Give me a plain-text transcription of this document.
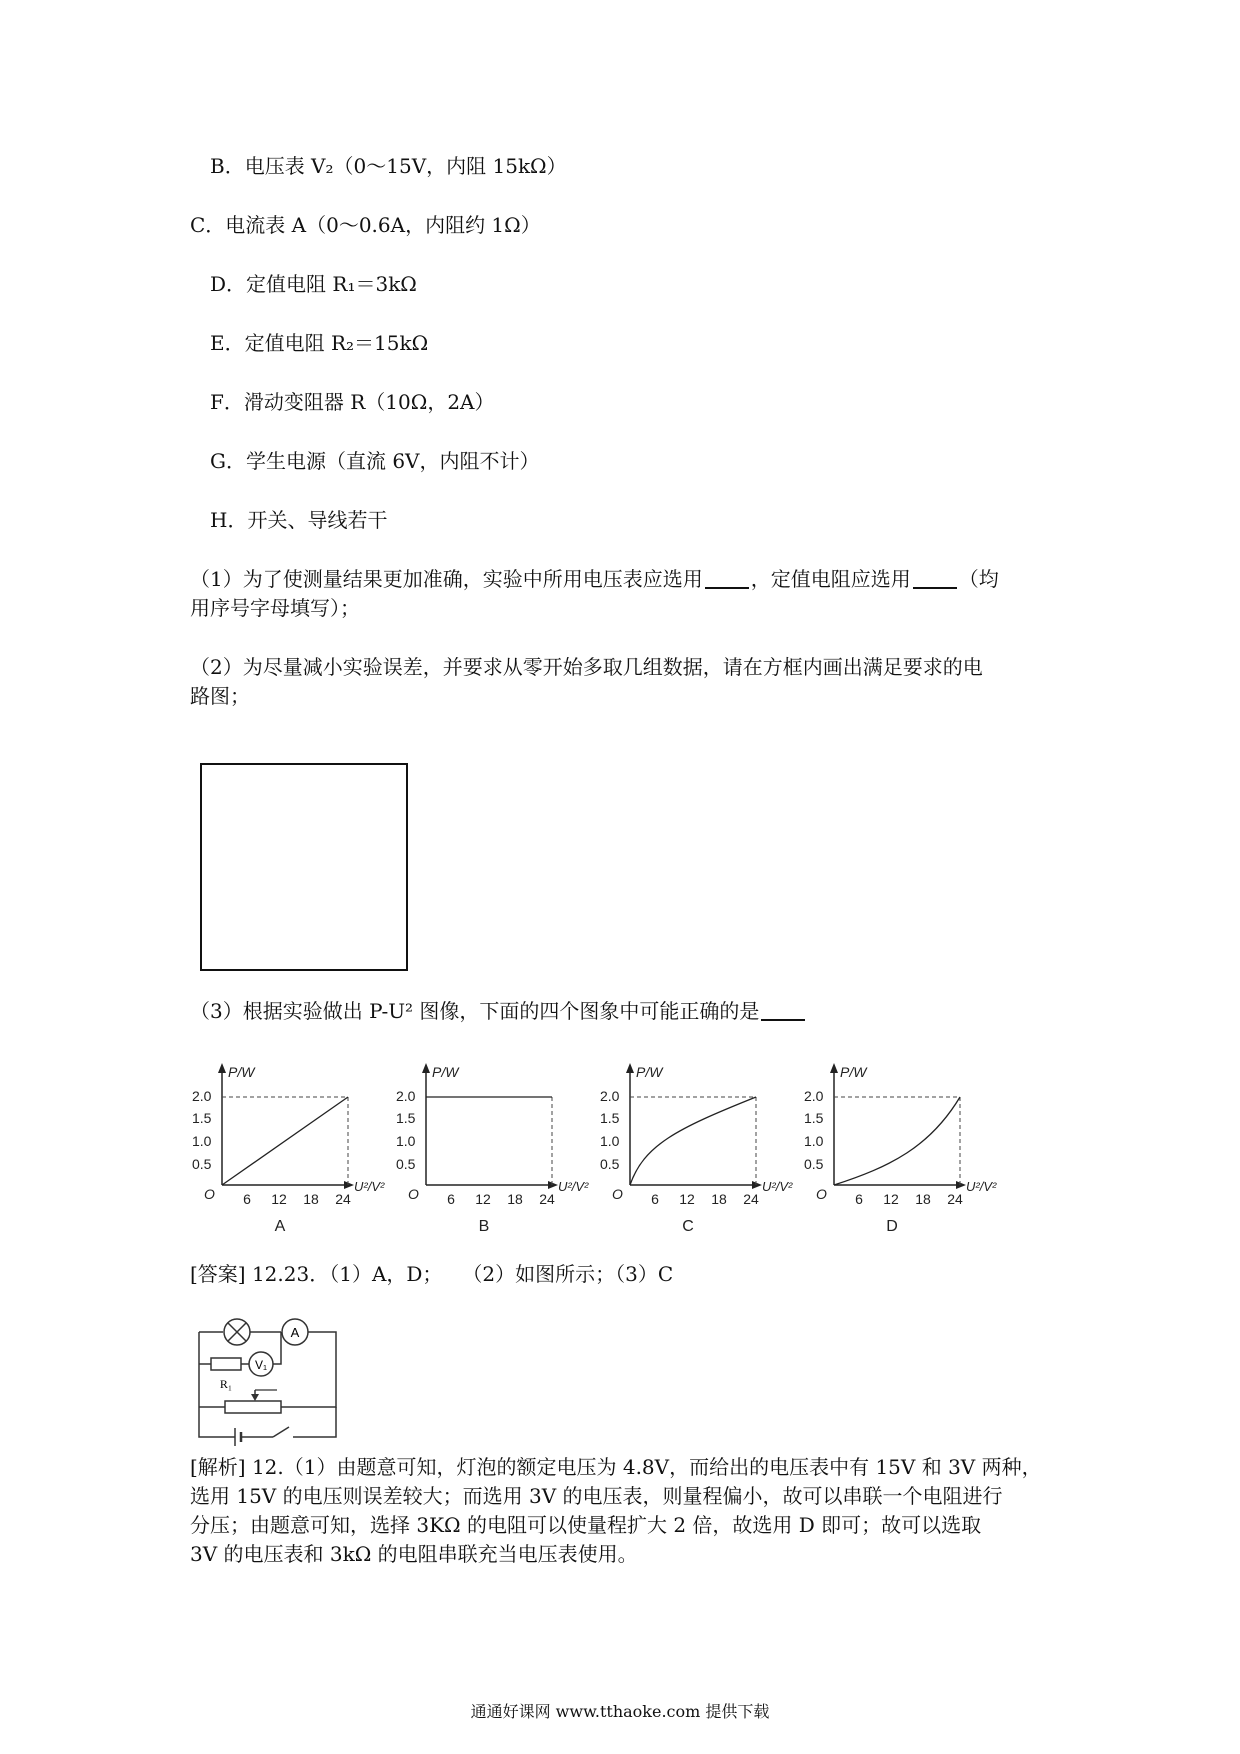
B．电压表 V₂（0～15V，内阻 15kΩ）
C．电流表 A（0～0.6A，内阻约 1Ω）
D．定值电阻 R₁＝3kΩ
E．定值电阻 R₂＝15kΩ
F．滑动变阻器 R（10Ω，2A）
G．学生电源（直流 6V，内阻不计）
H．开关、导线若干
（1）为了使测量结果更加准确，实验中所用电压表应选用 ，定值电阻应选用 （均
用序号字母填写）；
（2）为尽量减小实验误差，并要求从零开始多取几组数据，请在方框内画出满足要求的电
路图；
（3）根据实验做出 P-U² 图像，下面的四个图象中可能正确的是
P/W
U²/V²
O
2.0
1.5
1.0
0.5
6 12 18 24
A
P/W
U²/V²
O
2.0
1.5
1.0
0.5
6 12 18 24
B
P/W
U²/V²
O
2.0
1.5
1.0
0.5
6 12 18 24
C
P/W
U²/V²
O
2.0
1.5
1.0
0.5
6 12 18 24
D
[答案] 12.23．（1）A，D；　　（2）如图所示；（3）C
A
R₁
V₁
[解析] 12.（1）由题意可知，灯泡的额定电压为 4.8V，而给出的电压表中有 15V 和 3V 两种，
选用 15V 的电压则误差较大；而选用 3V 的电压表，则量程偏小，故可以串联一个电阻进行
分压；由题意可知，选择 3KΩ 的电阻可以使量程扩大 2 倍，故选用 D 即可；故可以选取
3V 的电压表和 3kΩ 的电阻串联充当电压表使用。
通通好课网 www.tthaoke.com 提供下载
